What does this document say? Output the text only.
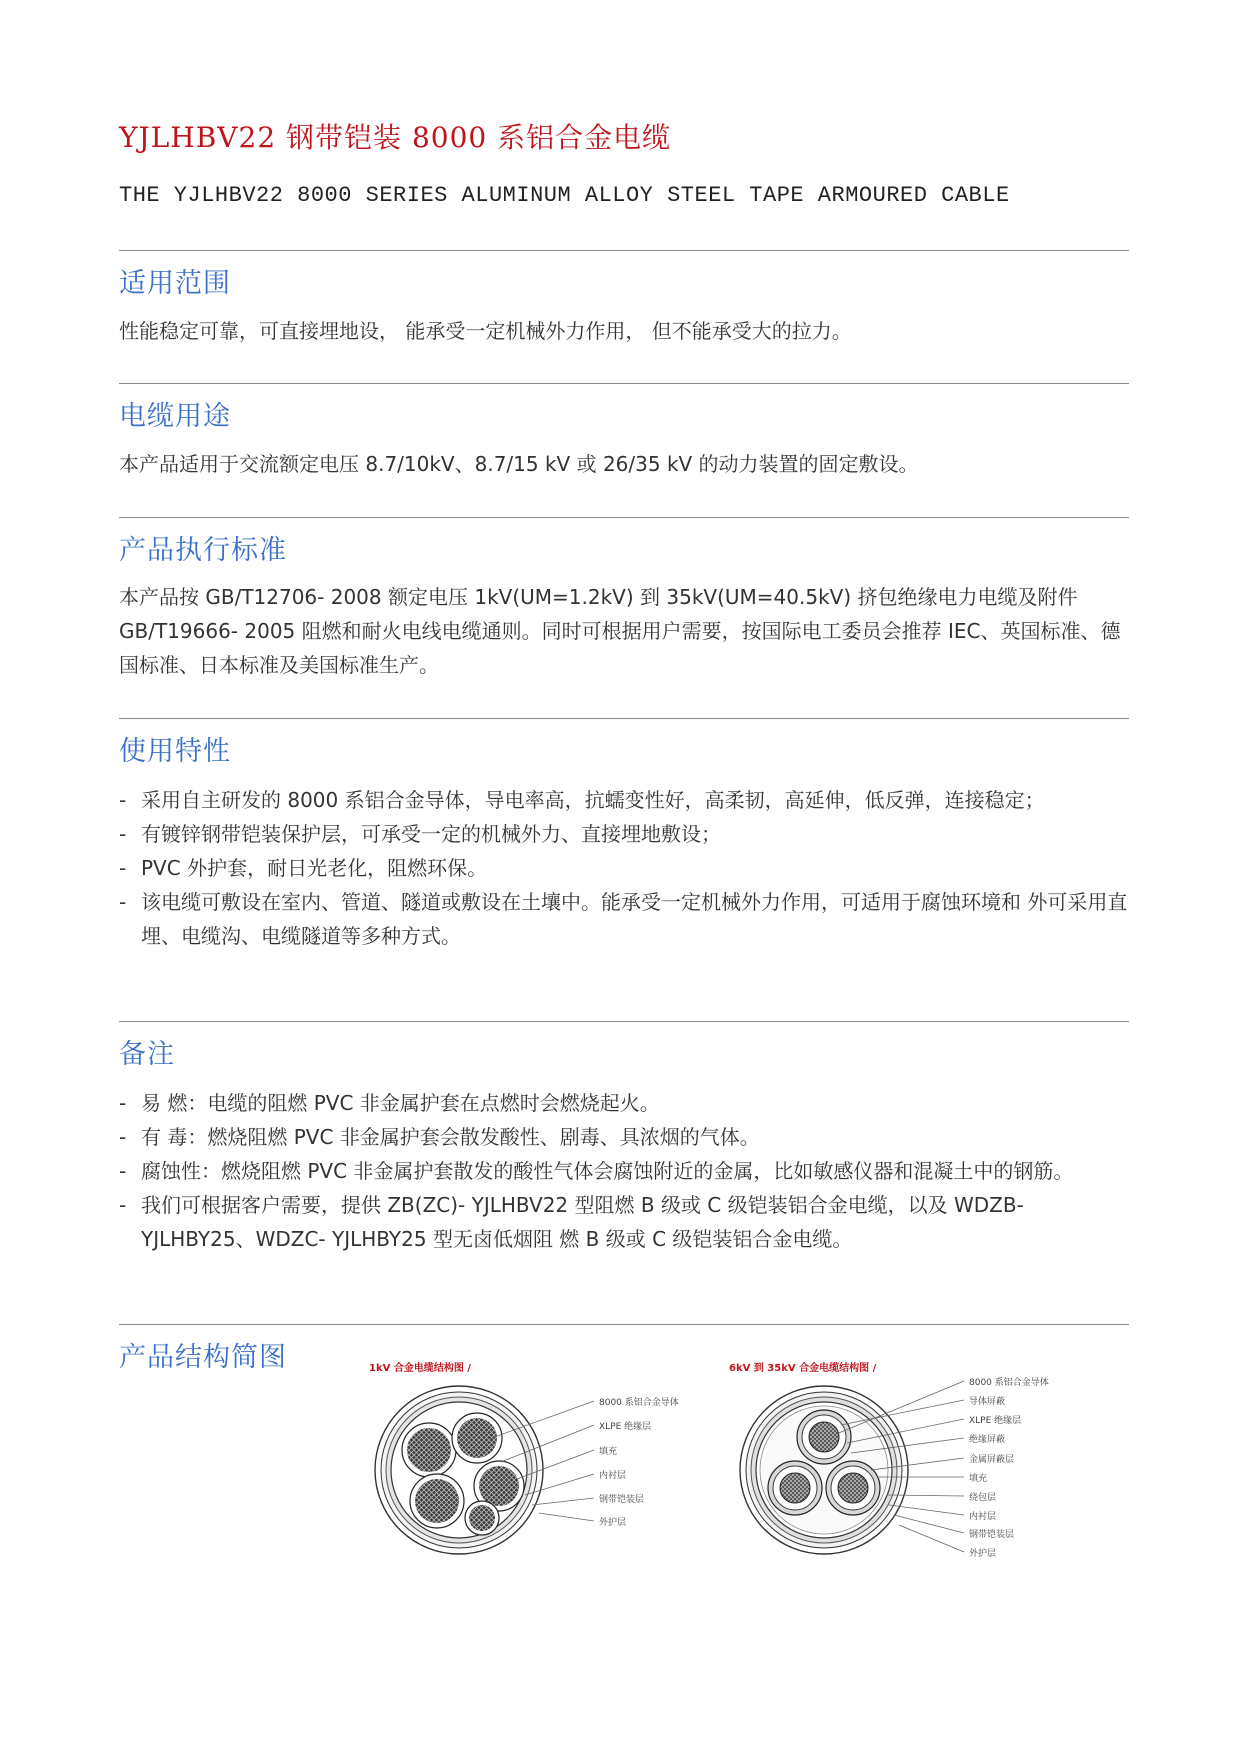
YJLHBV22 钢带铠装 8000 系铝合金电缆

THE YJLHBV22 8000 SERIES ALUMINUM ALLOY STEEL TAPE ARMOURED CABLE

适用范围

性能稳定可靠，可直接埋地设， 能承受一定机械外力作用， 但不能承受大的拉力。

电缆用途

本产品适用于交流额定电压 8.7/10kV、8.7/15 kV 或 26/35 kV 的动力装置的固定敷设。

产品执行标准

本产品按 GB/T12706- 2008 额定电压 1kV(UM=1.2kV) 到 35kV(UM=40.5kV) 挤包绝缘电力电缆及附件 GB/T19666- 2005 阻燃和耐火电线电缆通则。同时可根据用户需要，按国际电工委员会推荐 IEC、英国标准、德国标准、日本标准及美国标准生产。

使用特性
- 采用自主研发的 8000 系铝合金导体，导电率高，抗蠕变性好，高柔韧，高延伸，低反弹，连接稳定；
- 有镀锌钢带铠装保护层，可承受一定的机械外力、直接埋地敷设；
- PVC 外护套，耐日光老化，阻燃环保。
- 该电缆可敷设在室内、管道、隧道或敷设在土壤中。能承受一定机械外力作用，可适用于腐蚀环境和 外可采用直埋、电缆沟、电缆隧道等多种方式。
备注
- 易 燃：电缆的阻燃 PVC 非金属护套在点燃时会燃烧起火。
- 有 毒：燃烧阻燃 PVC 非金属护套会散发酸性、剧毒、具浓烟的气体。
- 腐蚀性：燃烧阻燃 PVC 非金属护套散发的酸性气体会腐蚀附近的金属，比如敏感仪器和混凝土中的钢筋。
- 我们可根据客户需要，提供 ZB(ZC)- YJLHBV22 型阻燃 B 级或 C 级铠装铝合金电缆，以及 WDZB- YJLHBY25、WDZC- YJLHBY25 型无卤低烟阻 燃 B 级或 C 级铠装铝合金电缆。
产品结构简图	1kV 合金电缆结构图 /
8000 系铝合金导体
XLPE 绝缘层
填充
内衬层
钢带铠装层
外护层
6kV 到 35kV 合金电缆结构图 /
8000 系铝合金导体
导体屏蔽
XLPE 绝缘层
绝缘屏蔽
金属屏蔽层
填充
绕包层
内衬层
钢带铠装层
外护层
